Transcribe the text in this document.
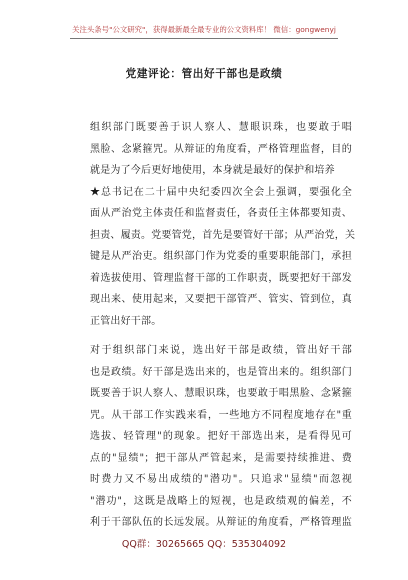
关注头条号"公文研究"，获得最新最全最专业的公文资料库！ 微信：gongwenyj
党建评论：管出好干部也是政绩
组织部门既要善于识人察人、慧眼识珠，也要敢于唱
黑脸、念紧箍咒。从辩证的角度看，严格管理监督，目的
就是为了今后更好地使用，本身就是最好的保护和培养
★总书记在二十届中央纪委四次全会上强调，要强化全
面从严治党主体责任和监督责任，各责任主体都要知责、
担责、履责。党要管党，首先是要管好干部；从严治党，关
键是从严治吏。组织部门作为党委的重要职能部门，承担
着选拔使用、管理监督干部的工作职责，既要把好干部发
现出来、使用起来，又要把干部管严、管实、管到位，真
正管出好干部。
对于组织部门来说，选出好干部是政绩，管出好干部
也是政绩。好干部是选出来的，也是管出来的。组织部门
既要善于识人察人、慧眼识珠，也要敢于唱黑脸、念紧箍
咒。从干部工作实践来看，一些地方不同程度地存在"重
选拔、轻管理"的现象。把好干部选出来，是看得见可
点的"显绩"；把干部从严管起来，是需要持续推进、费
时费力又不易出成绩的"潜功"。只追求"显绩"而忽视
"潜功"，这既是战略上的短视，也是政绩观的偏差，不
利于干部队伍的长远发展。从辩证的角度看，严格管理监
QQ群：30265665 QQ：535304092
